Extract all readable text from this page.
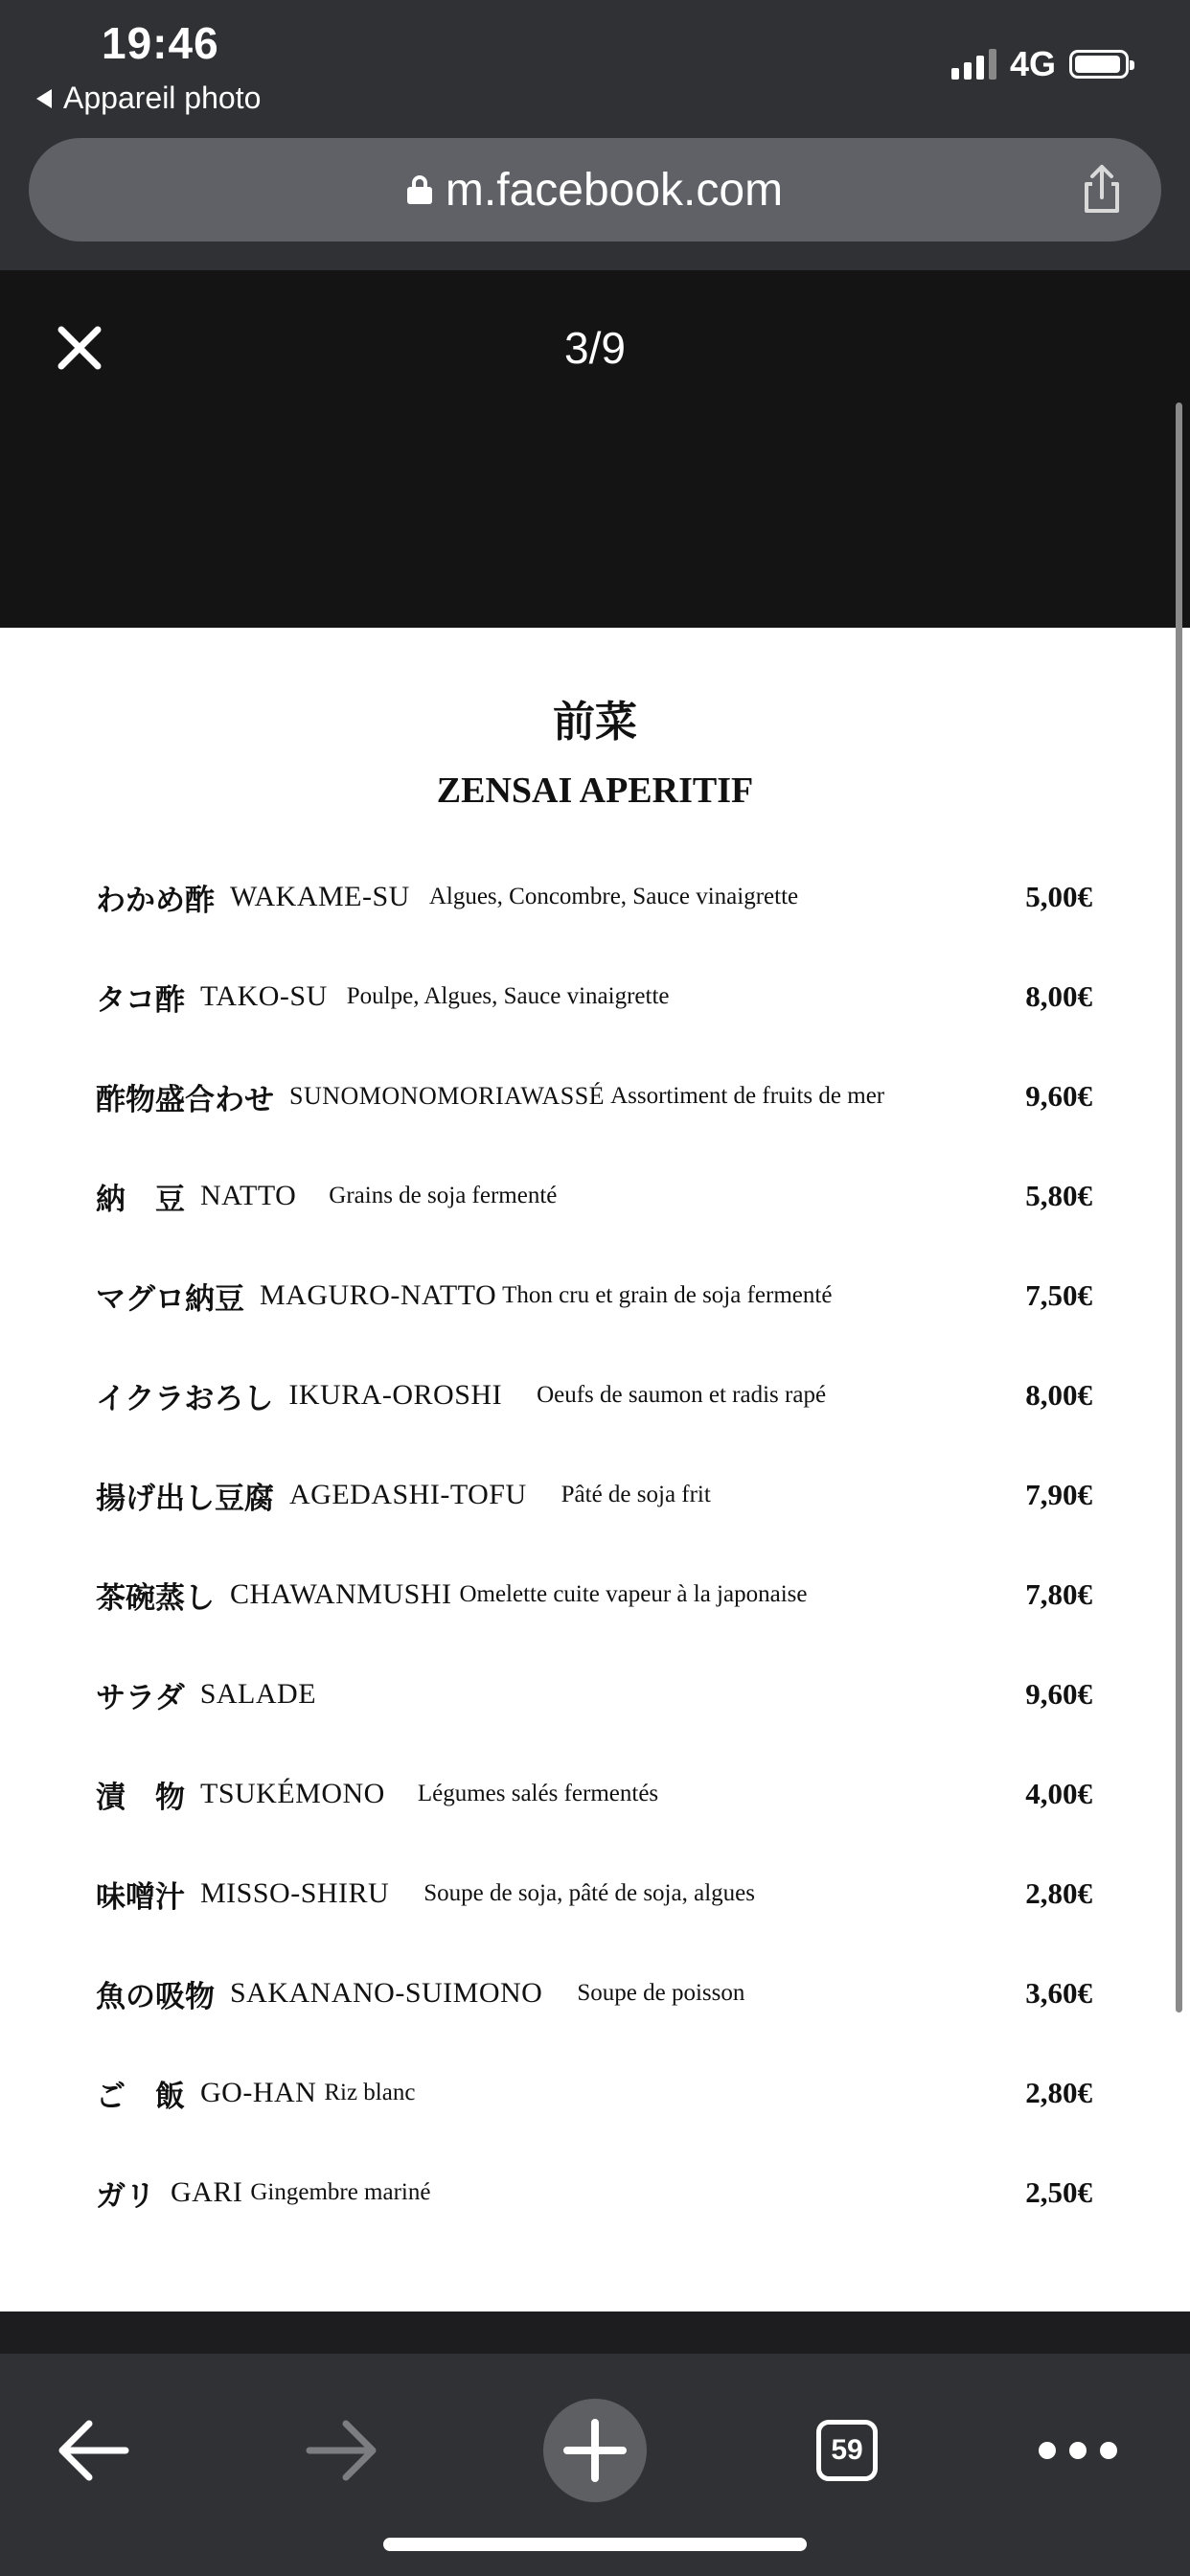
19:46
Appareil photo
4G
m.facebook.com
3/9
前菜
ZENSAI APERITIF
わかめ酢 WAKAME-SU Algues, Concombre, Sauce vinaigrette	5,00€
タコ酢 TAKO-SU Poulpe, Algues, Sauce vinaigrette	8,00€
酢物盛合わせ SUNOMONOMORIAWASSÉ Assortiment de fruits de mer	9,60€
納　豆 NATTO Grains de soja fermenté	5,80€
マグロ納豆 MAGURO-NATTO Thon cru et grain de soja fermenté	7,50€
イクラおろし IKURA-OROSHI Oeufs de saumon et radis rapé	8,00€
揚げ出し豆腐 AGEDASHI-TOFU Pâté de soja frit	7,90€
茶碗蒸し CHAWANMUSHI Omelette cuite vapeur à la japonaise	7,80€
サラダ SALADE	9,60€
漬　物 TSUKÉMONO Légumes salés fermentés	4,00€
味噌汁 MISSO-SHIRU Soupe de soja, pâté de soja, algues	2,80€
魚の吸物 SAKANANO-SUIMONO Soupe de poisson	3,60€
ご　飯 GO-HAN Riz blanc	2,80€
ガリ GARI Gingembre mariné	2,50€
59
